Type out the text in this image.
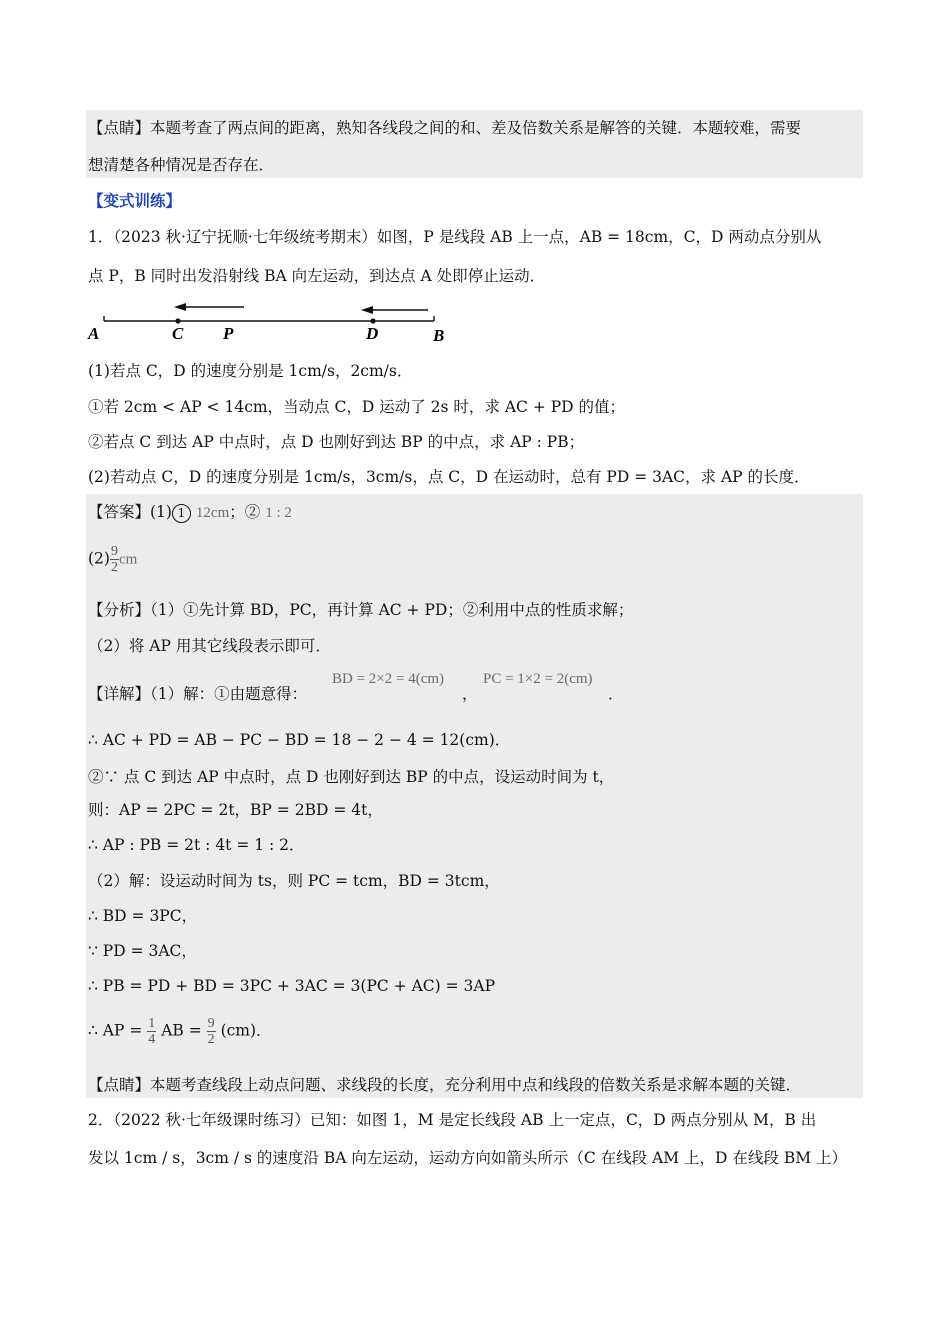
【点睛】本题考查了两点间的距离，熟知各线段之间的和、差及倍数关系是解答的关键．本题较难，需要
想清楚各种情况是否存在．
【变式训练】
1．（2023 秋·辽宁抚顺·七年级统考期末）如图，P 是线段 AB 上一点，AB = 18cm，C，D 两动点分别从
点 P，B 同时出发沿射线 BA 向左运动，到达点 A 处即停止运动．
A	C P	D	B
(1)若点 C，D 的速度分别是 1cm/s，2cm/s．
①若 2cm < AP < 14cm，当动点 C，D 运动了 2s 时，求 AC + PD 的值；
②若点 C 到达 AP 中点时，点 D 也刚好到达 BP 的中点，求 AP : PB；
(2)若动点 C，D 的速度分别是 1cm/s，3cm/s，点 C，D 在运动时，总有 PD = 3AC，求 AP 的长度．
【答案】(1) 1 12cm；② 1 : 2
$(2) \frac{9}{2}$ cm
【分析】（1）①先计算 BD，PC，再计算 AC + PD；②利用中点的性质求解；
（2）将 AP 用其它线段表示即可．
【详解】（1）解：①由题意得：
BD = 2×2 = 4(cm)
，
PC = 1×2 = 2(cm)
．
∴ AC + PD = AB − PC − BD = 18 − 2 − 4 = 12(cm)．
②∵ 点 C 到达 AP 中点时，点 D 也刚好到达 BP 的中点，设运动时间为 t，
则：AP = 2PC = 2t，BP = 2BD = 4t，
∴ AP : PB = 2t : 4t = 1 : 2．
（2）解：设运动时间为 ts，则 PC = tcm，BD = 3tcm，
∴ BD = 3PC，
∵ PD = 3AC，
∴ PB = PD + BD = 3PC + 3AC = 3(PC + AC) = 3AP
∴ AP = $\frac{1}{4}$ AB = $\frac{9}{2} (cm)$．
【点睛】本题考查线段上动点问题、求线段的长度，充分利用中点和线段的倍数关系是求解本题的关键．
2．（2022 秋·七年级课时练习）已知：如图 1，M 是定长线段 AB 上一定点，C，D 两点分别从 M，B 出
发以 1cm / s，3cm / s 的速度沿 BA 向左运动，运动方向如箭头所示（C 在线段 AM 上，D 在线段 BM 上）
